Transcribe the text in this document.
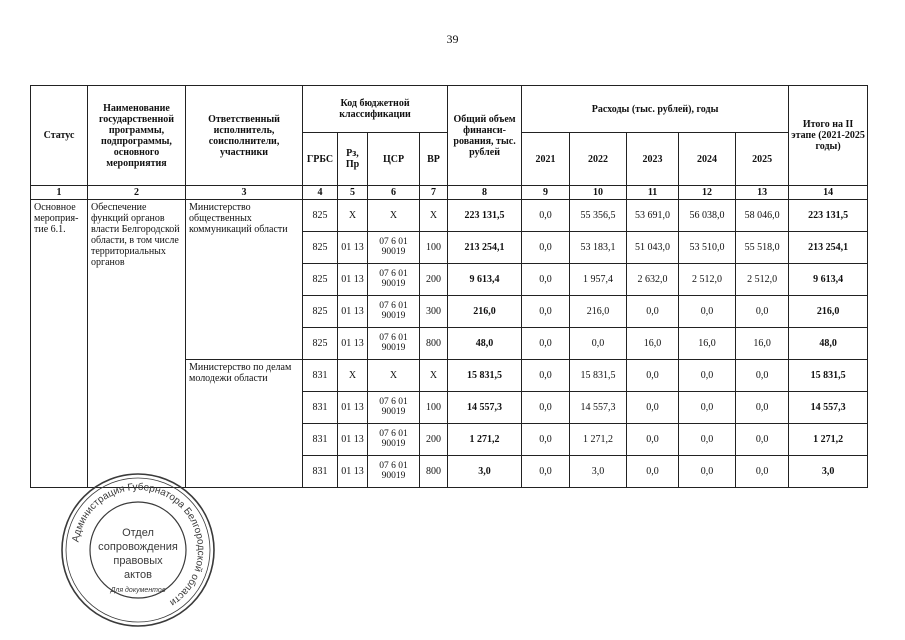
39
Статус	Наименование государственной программы, подпрограммы, основного мероприятия	Ответственный исполнитель, соисполнители, участники	Код бюджетной классификации				Общий объем финанси-рования, тыс. рублей	Расходы (тыс. рублей), годы					Итого на II этапе (2021-2025 годы)
			ГРБС	Рз, Пр	ЦСР	ВР		2021	2022	2023	2024	2025	
1	2	3	4	5	6	7	8	9	10	11	12	13	14
Основное мероприя-тие 6.1.	Обеспечение функций органов власти Белгородской области, в том числе территориальных органов	Министерство общественных коммуникаций области	825	X	X	X	223 131,5	0,0	55 356,5	53 691,0	56 038,0	58 046,0	223 131,5
			825	01 13	07 6 01 90019	100	213 254,1	0,0	53 183,1	51 043,0	53 510,0	55 518,0	213 254,1
			825	01 13	07 6 01 90019	200	9 613,4	0,0	1 957,4	2 632,0	2 512,0	2 512,0	9 613,4
			825	01 13	07 6 01 90019	300	216,0	0,0	216,0	0,0	0,0	0,0	216,0
			825	01 13	07 6 01 90019	800	48,0	0,0	0,0	16,0	16,0	16,0	48,0
		Министерство по делам молодежи области	831	X	X	X	15 831,5	0,0	15 831,5	0,0	0,0	0,0	15 831,5
			831	01 13	07 6 01 90019	100	14 557,3	0,0	14 557,3	0,0	0,0	0,0	14 557,3
			831	01 13	07 6 01 90019	200	1 271,2	0,0	1 271,2	0,0	0,0	0,0	1 271,2
			831	01 13	07 6 01 90019	800	3,0	0,0	3,0	0,0	0,0	0,0	3,0
Администрация Губернатора Белгородской области
Отдел
сопровождения
правовых
актов
Для документов
